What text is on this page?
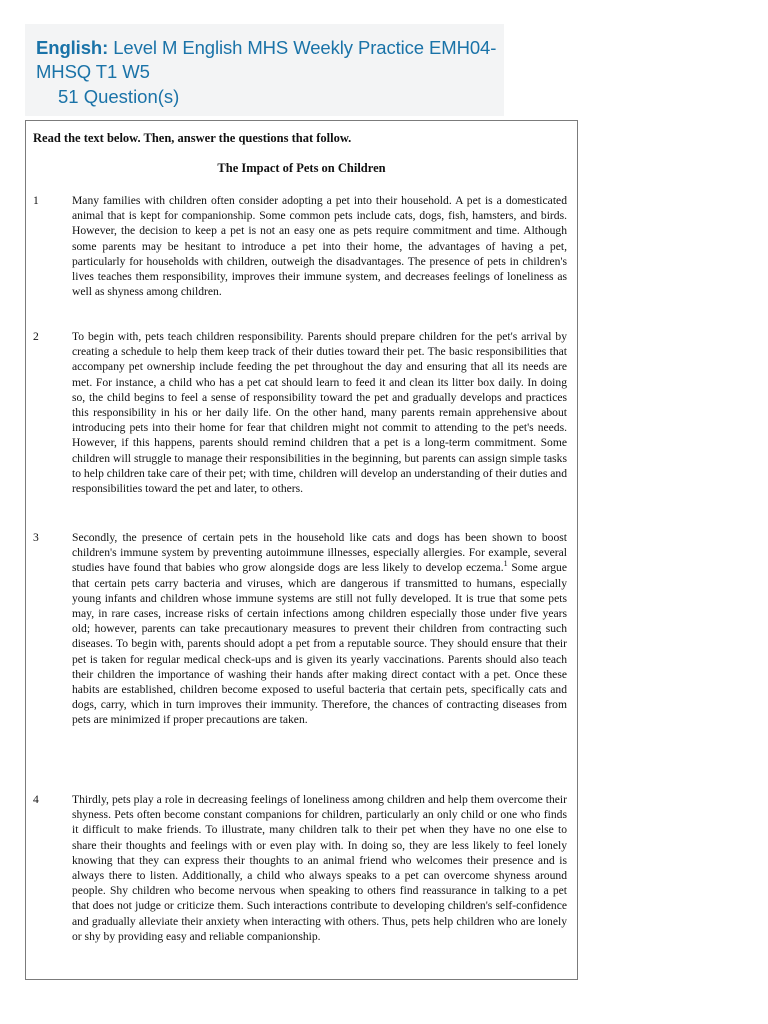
English: Level M English MHS Weekly Practice EMH04-
MHSQ T1 W5
51 Question(s)
Read the text below. Then, answer the questions that follow.
The Impact of Pets on Children
1	Many families with children often consider adopting a pet into their household. A pet is a domesticated animal that is kept for companionship. Some common pets include cats, dogs, fish, hamsters, and birds. However, the decision to keep a pet is not an easy one as pets require commitment and time. Although some parents may be hesitant to introduce a pet into their home, the advantages of having a pet, particularly for households with children, outweigh the disadvantages. The presence of pets in children's lives teaches them responsibility, improves their immune system, and decreases feelings of loneliness as well as shyness among children.
2	To begin with, pets teach children responsibility. Parents should prepare children for the pet's arrival by creating a schedule to help them keep track of their duties toward their pet. The basic responsibilities that accompany pet ownership include feeding the pet throughout the day and ensuring that all its needs are met. For instance, a child who has a pet cat should learn to feed it and clean its litter box daily. In doing so, the child begins to feel a sense of responsibility toward the pet and gradually develops and practices this responsibility in his or her daily life. On the other hand, many parents remain apprehensive about introducing pets into their home for fear that children might not commit to attending to the pet's needs. However, if this happens, parents should remind children that a pet is a long-term commitment. Some children will struggle to manage their responsibilities in the beginning, but parents can assign simple tasks to help children take care of their pet; with time, children will develop an understanding of their duties and responsibilities toward the pet and later, to others.
3	Secondly, the presence of certain pets in the household like cats and dogs has been shown to boost children's immune system by preventing autoimmune illnesses, especially allergies. For example, several studies have found that babies who grow alongside dogs are less likely to develop eczema.$^1$ Some argue that certain pets carry bacteria and viruses, which are dangerous if transmitted to humans, especially young infants and children whose immune systems are still not fully developed. It is true that some pets may, in rare cases, increase risks of certain infections among children especially those under five years old; however, parents can take precautionary measures to prevent their children from contracting such diseases. To begin with, parents should adopt a pet from a reputable source. They should ensure that their pet is taken for regular medical check-ups and is given its yearly vaccinations. Parents should also teach their children the importance of washing their hands after making direct contact with a pet. Once these habits are established, children become exposed to useful bacteria that certain pets, specifically cats and dogs, carry, which in turn improves their immunity. Therefore, the chances of contracting diseases from pets are minimized if proper precautions are taken.
4	Thirdly, pets play a role in decreasing feelings of loneliness among children and help them overcome their shyness. Pets often become constant companions for children, particularly an only child or one who finds it difficult to make friends. To illustrate, many children talk to their pet when they have no one else to share their thoughts and feelings with or even play with. In doing so, they are less likely to feel lonely knowing that they can express their thoughts to an animal friend who welcomes their presence and is always there to listen. Additionally, a child who always speaks to a pet can overcome shyness around people. Shy children who become nervous when speaking to others find reassurance in talking to a pet that does not judge or criticize them. Such interactions contribute to developing children's self-confidence and gradually alleviate their anxiety when interacting with others. Thus, pets help children who are lonely or shy by providing easy and reliable companionship.
